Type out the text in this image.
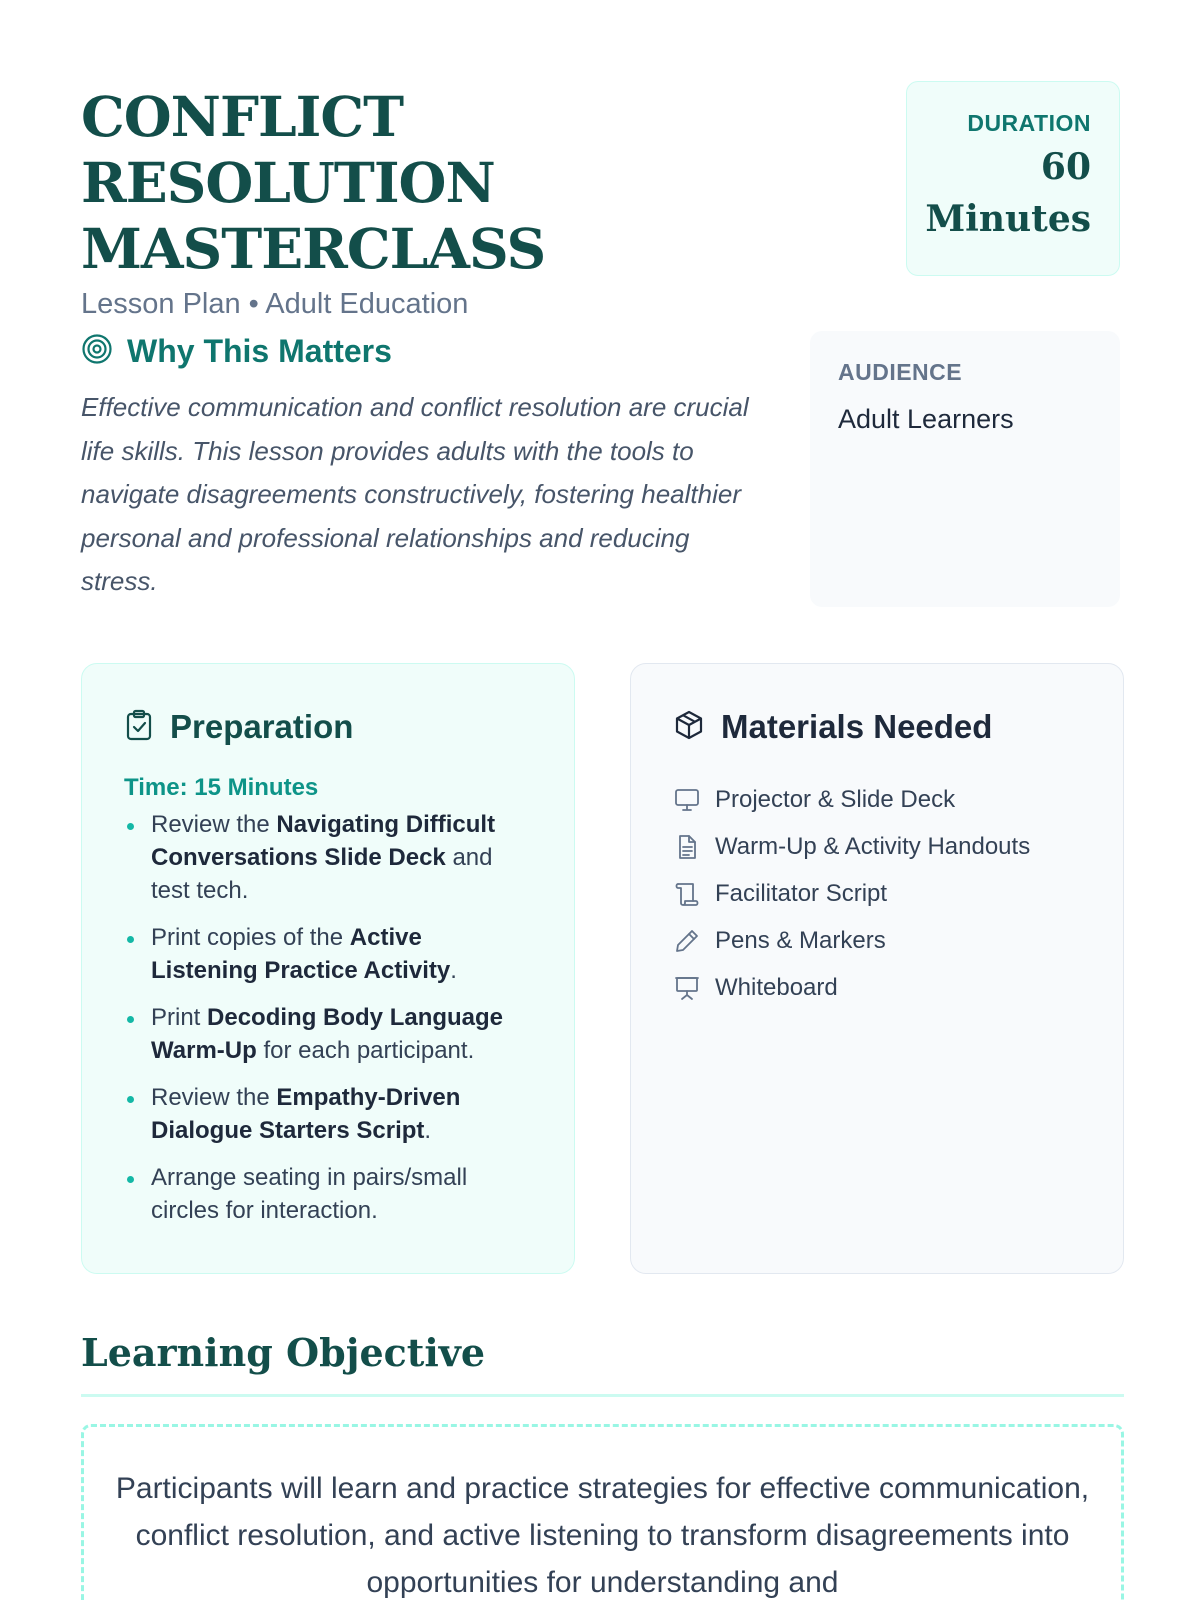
CONFLICT RESOLUTION
MASTERCLASS
Lesson Plan • Adult Education
DURATION
60
Minutes
Why This Matters

Effective communication and conflict resolution are crucial life skills. This lesson provides adults with the tools to navigate disagreements constructively, fostering healthier personal and professional relationships and reducing stress.

AUDIENCE
Adult Learners
Preparation
Time: 15 Minutes
Review the Navigating Difficult Conversations Slide Deck and test tech.
Print copies of the Active Listening Practice Activity.
Print Decoding Body Language Warm-Up for each participant.
Review the Empathy-Driven Dialogue Starters Script.
Arrange seating in pairs/small circles for interaction.
Materials Needed
Projector & Slide Deck
Warm-Up & Activity Handouts
Facilitator Script
Pens & Markers
Whiteboard
Learning Objective

Participants will learn and practice strategies for effective communication, conflict resolution, and active listening to transform disagreements into opportunities for understanding and
